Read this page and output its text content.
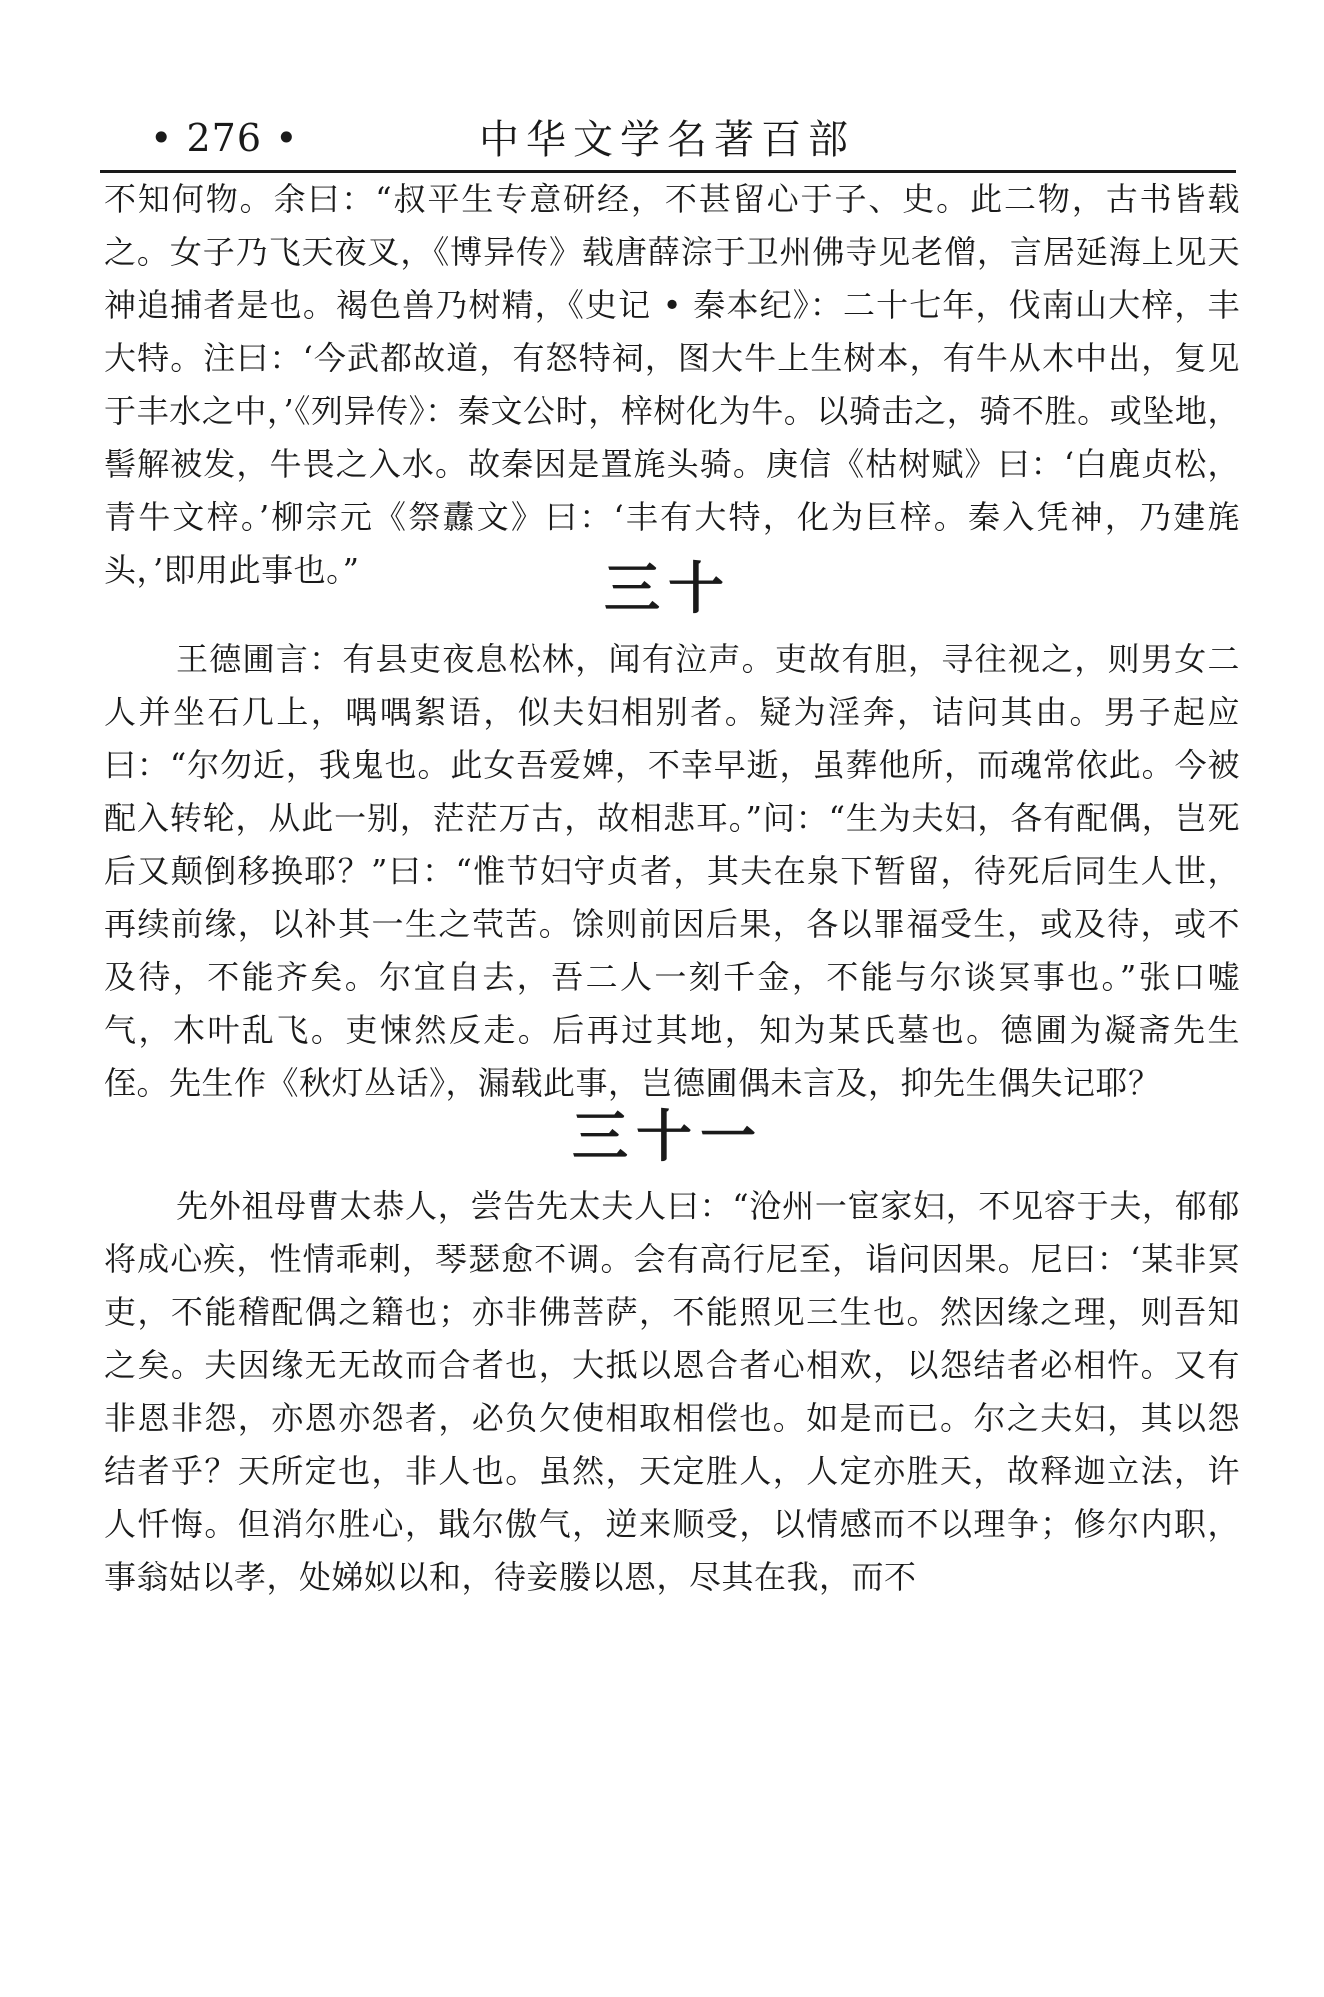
• 276 •	中华文学名著百部

不知何物。余曰：“叔平生专意研经，不甚留心于子、史。此二物，古书皆载之。女子乃飞天夜叉，《博异传》载唐薛淙于卫州佛寺见老僧，言居延海上见天神追捕者是也。褐色兽乃树精，《史记 • 秦本纪》：二十七年，伐南山大梓，丰大特。注曰：‘今武都故道，有怒特祠，图大牛上生树本，有牛从木中出，复见于丰水之中，’《列异传》：秦文公时，梓树化为牛。以骑击之，骑不胜。或坠地，髻解被发，牛畏之入水。故秦因是置旄头骑。庚信《枯树赋》曰：‘白鹿贞松，青牛文梓。’柳宗元《祭纛文》曰：‘丰有大特，化为巨梓。秦入凭神，乃建旄头，’即用此事也。”	三十

王德圃言：有县吏夜息松林，闻有泣声。吏故有胆，寻往视之，则男女二人并坐石几上，喁喁絮语，似夫妇相别者。疑为淫奔，诘问其由。男子起应曰：“尔勿近，我鬼也。此女吾爱婢，不幸早逝，虽葬他所，而魂常依此。今被配入转轮，从此一别，茫茫万古，故相悲耳。”问：“生为夫妇，各有配偶，岂死后又颠倒移换耶？”曰：“惟节妇守贞者，其夫在泉下暂留，待死后同生人世，再续前缘，以补其一生之茕苦。馀则前因后果，各以罪福受生，或及待，或不及待，不能齐矣。尔宜自去，吾二人一刻千金，不能与尔谈冥事也。”张口嘘气，木叶乱飞。吏悚然反走。后再过其地，知为某氏墓也。德圃为凝斋先生侄。先生作《秋灯丛话》，漏载此事，岂德圃偶未言及，抑先生偶失记耶？

三十一

先外祖母曹太恭人，尝告先太夫人曰：“沧州一宦家妇，不见容于夫，郁郁将成心疾，性情乖剌，琴瑟愈不调。会有高行尼至，诣问因果。尼曰：‘某非冥吏，不能稽配偶之籍也；亦非佛菩萨，不能照见三生也。然因缘之理，则吾知之矣。夫因缘无无故而合者也，大抵以恩合者心相欢，以怨结者必相忤。又有非恩非怨，亦恩亦怨者，必负欠使相取相偿也。如是而已。尔之夫妇，其以怨结者乎？天所定也，非人也。虽然，天定胜人，人定亦胜天，故释迦立法，许人忏悔。但消尔胜心，戢尔傲气，逆来顺受，以情感而不以理争；修尔内职，事翁姑以孝，处娣姒以和，待妾媵以恩，尽其在我，而不
